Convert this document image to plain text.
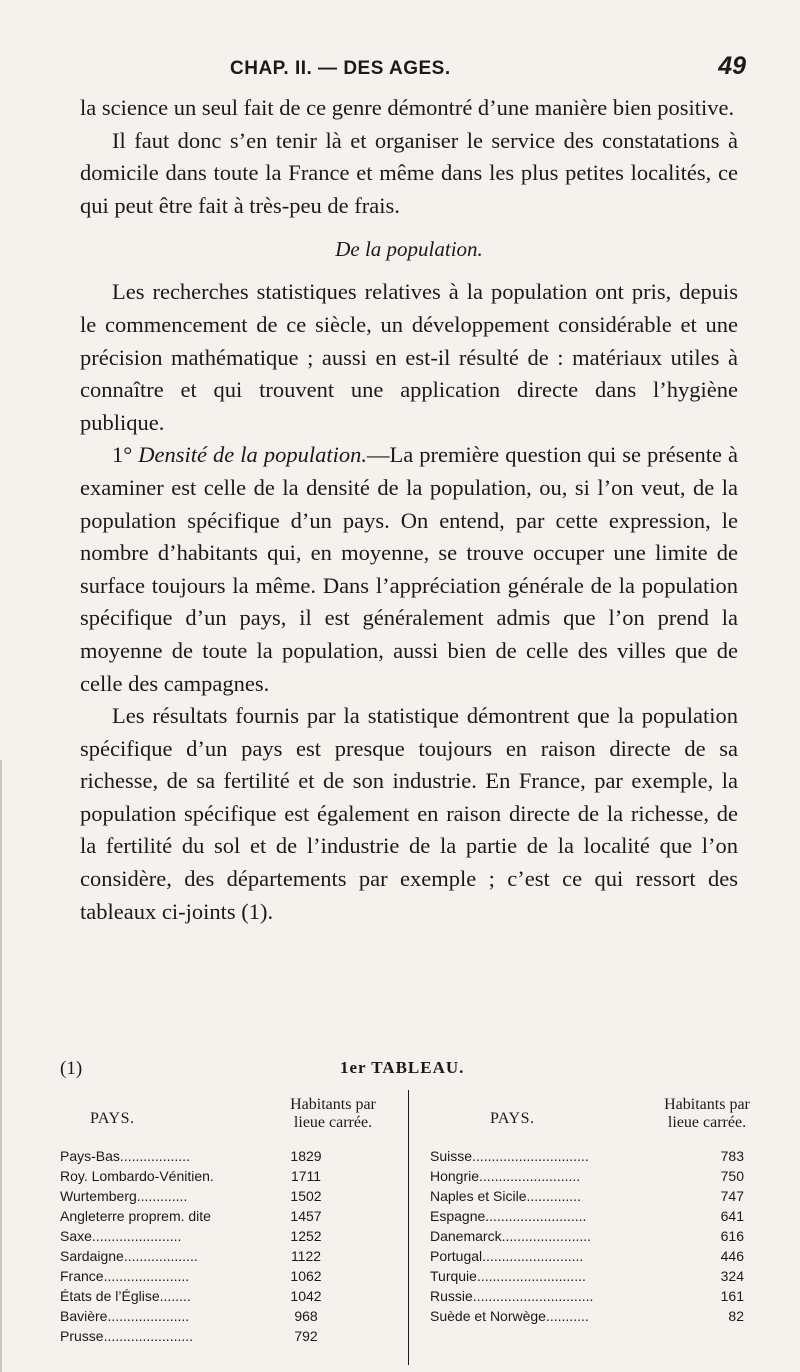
CHAP. II. — DES AGES.	49

la science un seul fait de ce genre démontré d’une manière bien positive.

Il faut donc s’en tenir là et organiser le service des constatations à domicile dans toute la France et même dans les plus petites localités, ce qui peut être fait à très-peu de frais.

De la population.

Les recherches statistiques relatives à la population ont pris, depuis le commencement de ce siècle, un développement considérable et une précision mathématique ; aussi en est-il résulté de : matériaux utiles à connaître et qui trouvent une application directe dans l’hygiène publique.

1° Densité de la population.—La première question qui se présente à examiner est celle de la densité de la population, ou, si l’on veut, de la population spécifique d’un pays. On entend, par cette expression, le nombre d’habitants qui, en moyenne, se trouve occuper une limite de surface toujours la même. Dans l’appréciation générale de la population spécifique d’un pays, il est généralement admis que l’on prend la moyenne de toute la population, aussi bien de celle des villes que de celle des campagnes.

Les résultats fournis par la statistique démontrent que la population spécifique d’un pays est presque toujours en raison directe de sa richesse, de sa fertilité et de son industrie. En France, par exemple, la population spécifique est également en raison directe de la richesse, de la fertilité du sol et de l’industrie de la partie de la localité que l’on considère, des départements par exemple ; c’est ce qui ressort des tableaux ci-joints (1).

(1)	1er TABLEAU.
PAYS.
Habitants par lieue carrée.
Pays-Bas..................	1829
Roy. Lombardo-Vénitien.	1711
Wurtemberg.............	1502
Angleterre proprem. dite	1457
Saxe.......................	1252
Sardaigne...................	1122
France......................	1062
États de l’Église........	1042
Bavière.....................	968
Prusse.......................	792
PAYS.
Habitants par lieue carrée.
Suisse..............................	783
Hongrie..........................	750
Naples et Sicile..............	747
Espagne..........................	641
Danemarck.......................	616
Portugal..........................	446
Turquie............................	324
Russie...............................	161
Suède et Norwège...........	82
